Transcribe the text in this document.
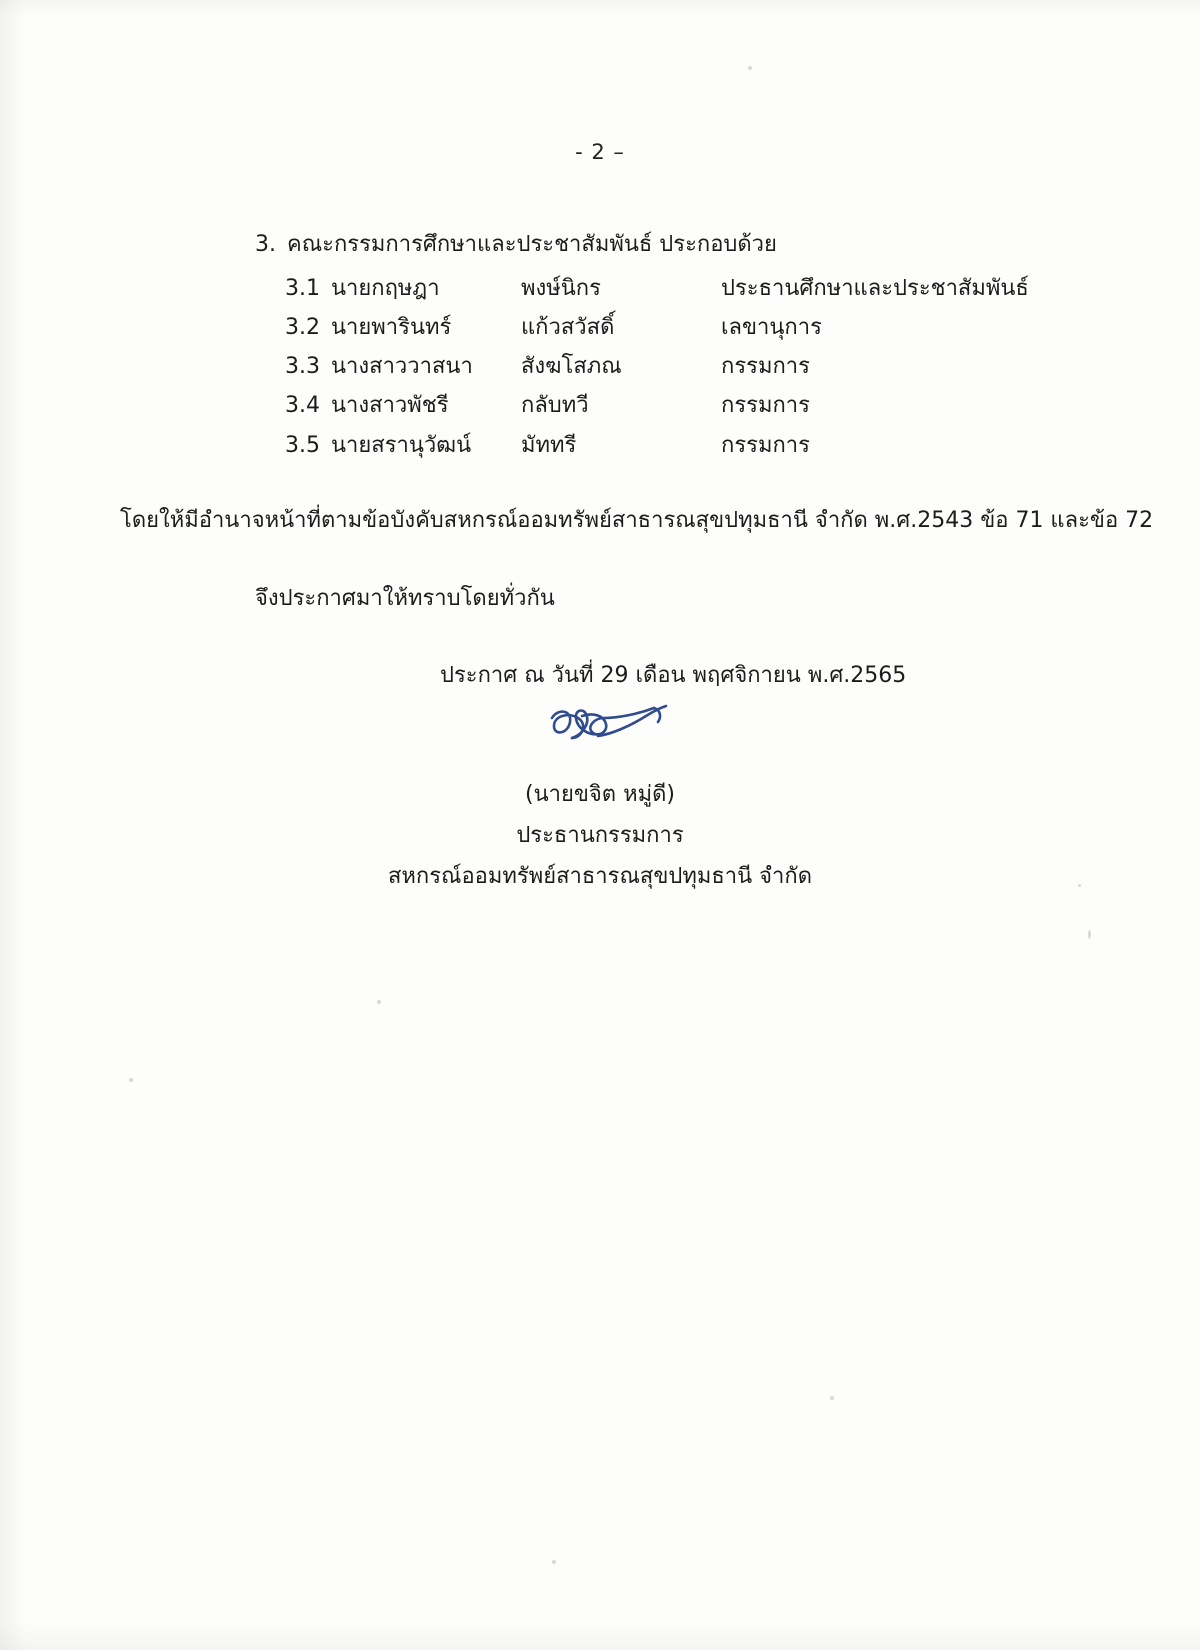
- 2 –
3. คณะกรรมการศึกษาและประชาสัมพันธ์ ประกอบด้วย
3.1 นายกฤษฎา	พงษ์นิกร	ประธานศึกษาและประชาสัมพันธ์
3.2 นายพารินทร์	แก้วสวัสดิ์	เลขานุการ
3.3 นางสาววาสนา	สังฆโสภณ	กรรมการ
3.4 นางสาวพัชรี	กลับทวี	กรรมการ
3.5 นายสรานุวัฒน์	มัททรี	กรรมการ
โดยให้มีอำนาจหน้าที่ตามข้อบังคับสหกรณ์ออมทรัพย์สาธารณสุขปทุมธานี จำกัด พ.ศ.2543 ข้อ 71 และข้อ 72
จึงประกาศมาให้ทราบโดยทั่วกัน
ประกาศ ณ วันที่ 29 เดือน พฤศจิกายน พ.ศ.2565
(นายขจิต หมู่ดี)
ประธานกรรมการ
สหกรณ์ออมทรัพย์สาธารณสุขปทุมธานี จำกัด
